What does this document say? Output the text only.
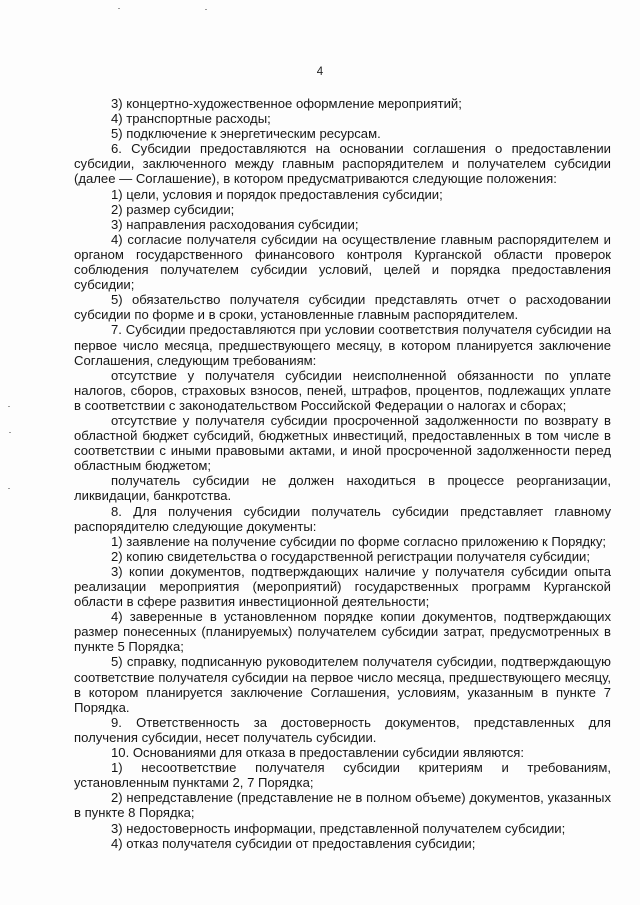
4

3) концертно-художественное оформление мероприятий;

4) транспортные расходы;

5) подключение к энергетическим ресурсам.

6. Субсидии предоставляются на основании соглашения о предоставлении субсидии, заключенного между главным распорядителем и получателем субсидии (далее — Соглашение), в котором предусматриваются следующие положения:

1) цели, условия и порядок предоставления субсидии;

2) размер субсидии;

3) направления расходования субсидии;

4) согласие получателя субсидии на осуществление главным распорядителем и органом государственного финансового контроля Курганской области проверок соблюдения получателем субсидии условий, целей и порядка предоставления субсидии;

5) обязательство получателя субсидии представлять отчет о расходовании субсидии по форме и в сроки, установленные главным распорядителем.

7. Субсидии предоставляются при условии соответствия получателя субсидии на первое число месяца, предшествующего месяцу, в котором планируется заключение Соглашения, следующим требованиям:

отсутствие у получателя субсидии неисполненной обязанности по уплате налогов, сборов, страховых взносов, пеней, штрафов, процентов, подлежащих уплате в соответствии с законодательством Российской Федерации о налогах и сборах;

отсутствие у получателя субсидии просроченной задолженности по возврату в областной бюджет субсидий, бюджетных инвестиций, предоставленных в том числе в соответствии с иными правовыми актами, и иной просроченной задолженности перед областным бюджетом;

получатель субсидии не должен находиться в процессе реорганизации, ликвидации, банкротства.

8. Для получения субсидии получатель субсидии представляет главному распорядителю следующие документы:

1) заявление на получение субсидии по форме согласно приложению к Порядку;

2) копию свидетельства о государственной регистрации получателя субсидии;

3) копии документов, подтверждающих наличие у получателя субсидии опыта реализации мероприятия (мероприятий) государственных программ Курганской области в сфере развития инвестиционной деятельности;

4) заверенные в установленном порядке копии документов, подтверждающих размер понесенных (планируемых) получателем субсидии затрат, предусмотренных в пункте 5 Порядка;

5) справку, подписанную руководителем получателя субсидии, подтверждающую соответствие получателя субсидии на первое число месяца, предшествующего месяцу, в котором планируется заключение Соглашения, условиям, указанным в пункте 7 Порядка.

9. Ответственность за достоверность документов, представленных для получения субсидии, несет получатель субсидии.

10. Основаниями для отказа в предоставлении субсидии являются:

1) несоответствие получателя субсидии критериям и требованиям, установленным пунктами 2, 7 Порядка;

2) непредставление (представление не в полном объеме) документов, указанных в пункте 8 Порядка;

3) недостоверность информации, представленной получателем субсидии;

4) отказ получателя субсидии от предоставления субсидии;
